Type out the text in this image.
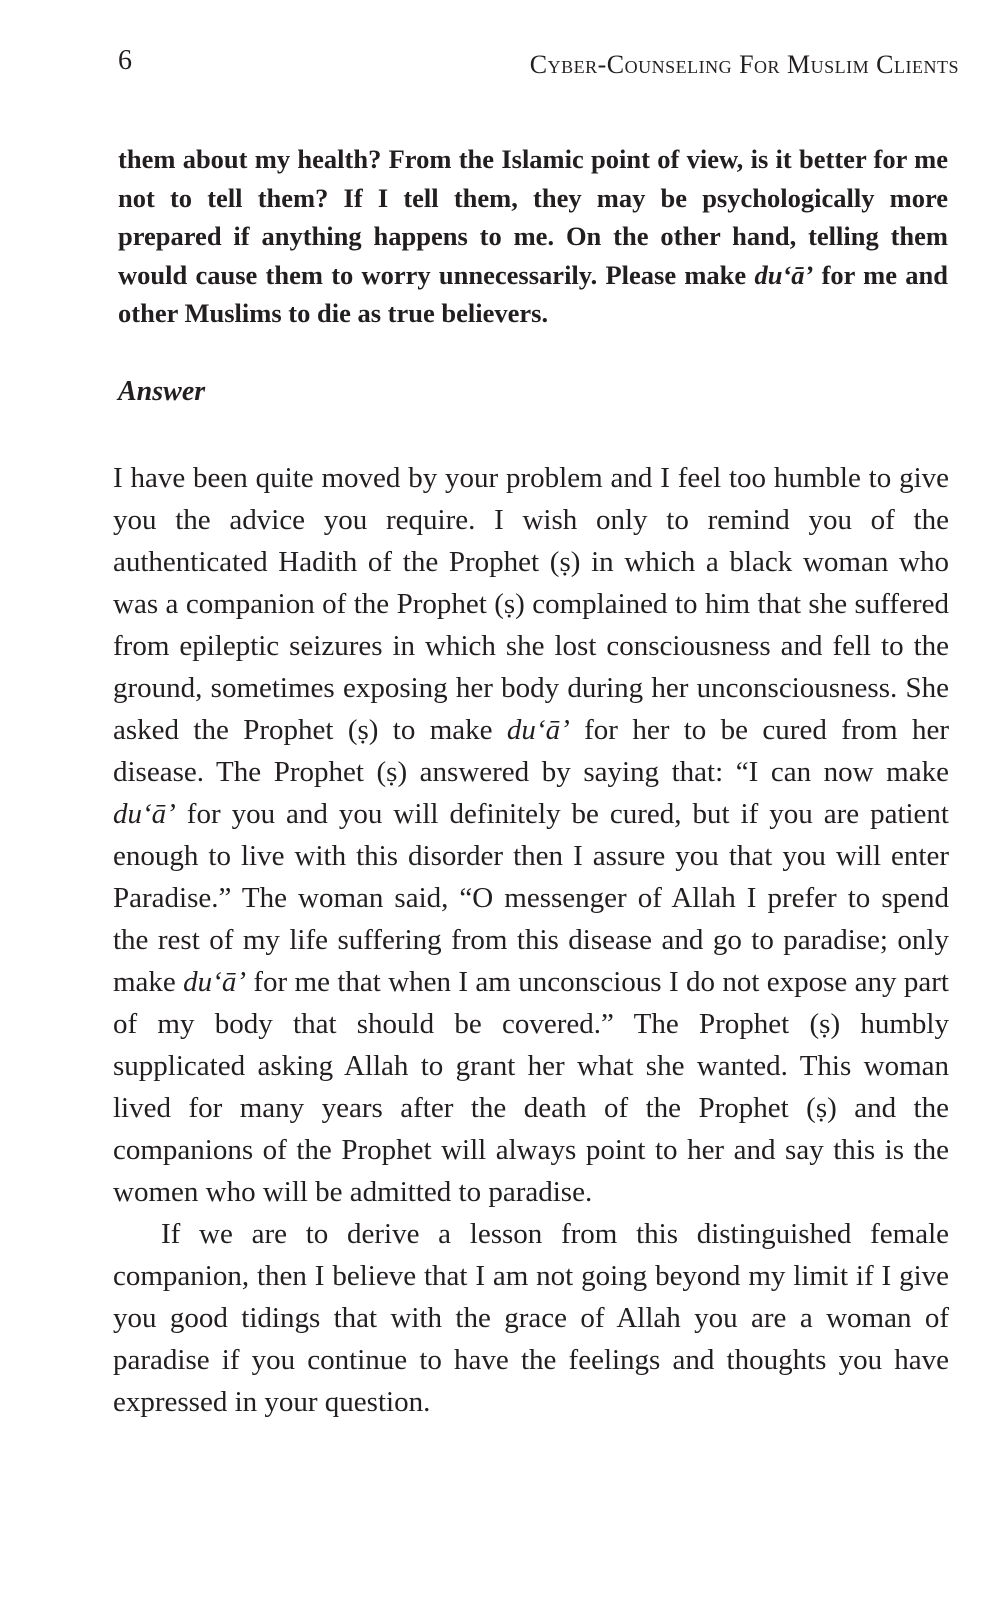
6	Cyber-Counseling For Muslim Clients

them about my health? From the Islamic point of view, is it better for me not to tell them? If I tell them, they may be psychologically more prepared if anything happens to me. On the other hand, telling them would cause them to worry unnecessarily. Please make du‘ā’ for me and other Muslims to die as true believers.

Answer

I have been quite moved by your problem and I feel too humble to give you the advice you require. I wish only to remind you of the authenticated Hadith of the Prophet (ṣ) in which a black woman who was a companion of the Prophet (ṣ) complained to him that she suffered from epileptic seizures in which she lost consciousness and fell to the ground, sometimes exposing her body during her unconsciousness. She asked the Prophet (ṣ) to make du‘ā’ for her to be cured from her disease. The Prophet (ṣ) answered by saying that: “I can now make du‘ā’ for you and you will definitely be cured, but if you are patient enough to live with this disorder then I assure you that you will enter Paradise.” The woman said, “O messenger of Allah I prefer to spend the rest of my life suffering from this disease and go to paradise; only make du‘ā’ for me that when I am unconscious I do not expose any part of my body that should be covered.” The Prophet (ṣ) humbly supplicated asking Allah to grant her what she wanted. This woman lived for many years after the death of the Prophet (ṣ) and the companions of the Prophet will always point to her and say this is the women who will be admitted to paradise.

If we are to derive a lesson from this distinguished female companion, then I believe that I am not going beyond my limit if I give you good tidings that with the grace of Allah you are a woman of paradise if you continue to have the feelings and thoughts you have expressed in your question.
